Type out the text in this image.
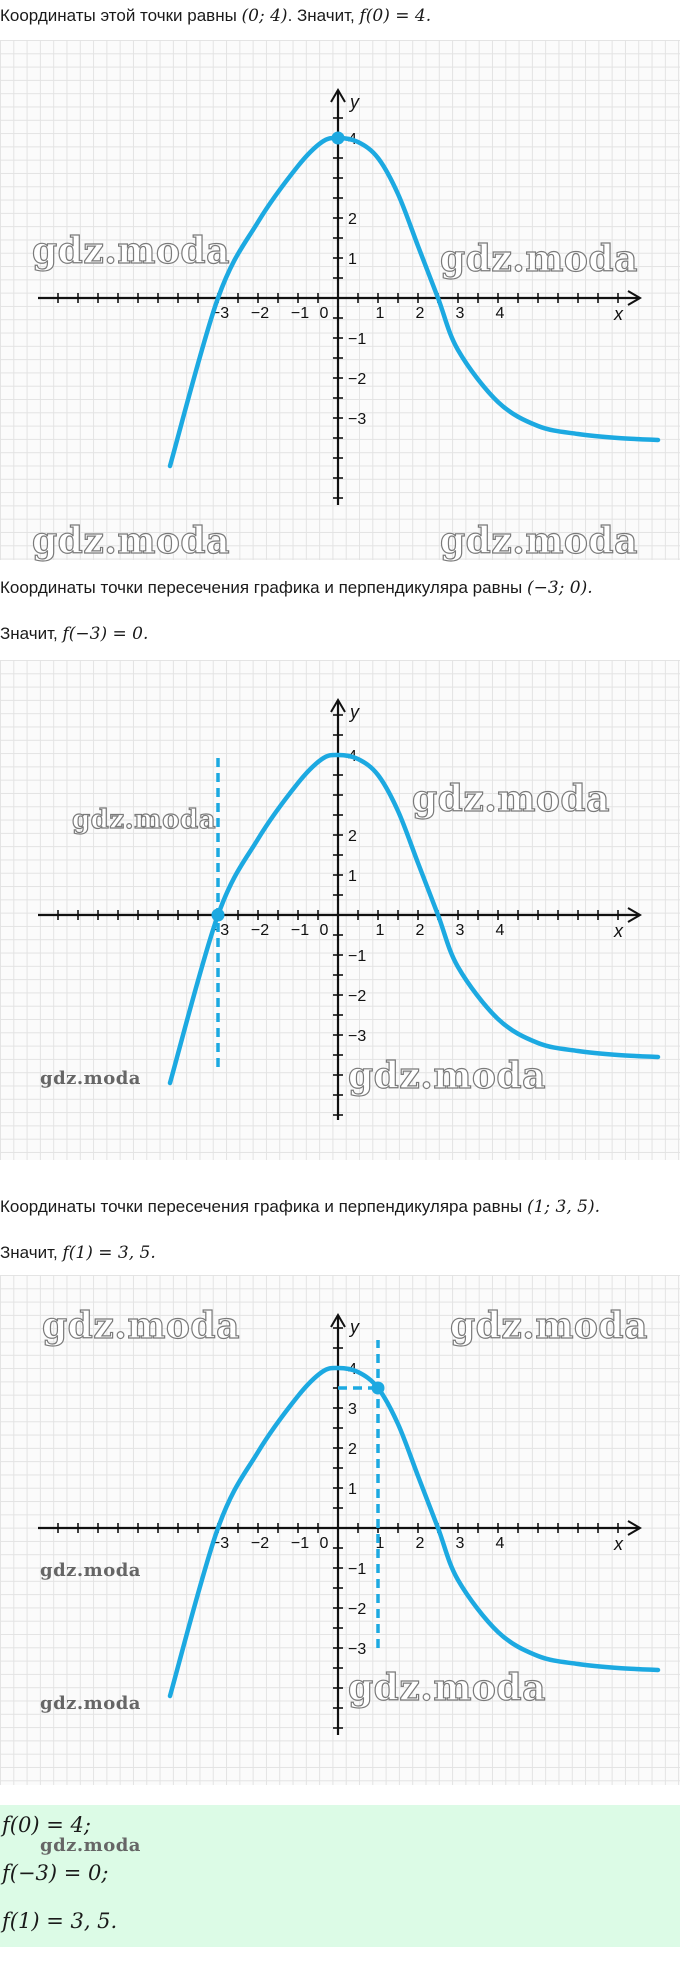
Координаты этой точки равны (0; 4). Значит, f(0) = 4.
−3 −2 −1 0	1 2 3 4
4
2
1
−1
−2
−3
x
y
gdz.moda	gdz.moda
gdz.moda	gdz.moda
Координаты точки пересечения графика и перпендикуляра равны (−3; 0).
Значит, f(−3) = 0.
−3 −2 −1 0	1 2 3 4
4
2
1
−1
−2
−3
x
y
gdz.moda	gdz.moda
gdz.moda	gdz.moda
Координаты точки пересечения графика и перпендикуляра равны (1; 3, 5).
Значит, f(1) = 3, 5.
−3 −2 −1 0	1 2 3 4
4
3
2
1
−1
−2
−3
x
y
gdz.moda	gdz.moda
gdz.moda
gdz.moda	gdz.moda
f(0) = 4;
gdz.moda
f(−3) = 0;
f(1) = 3, 5.
